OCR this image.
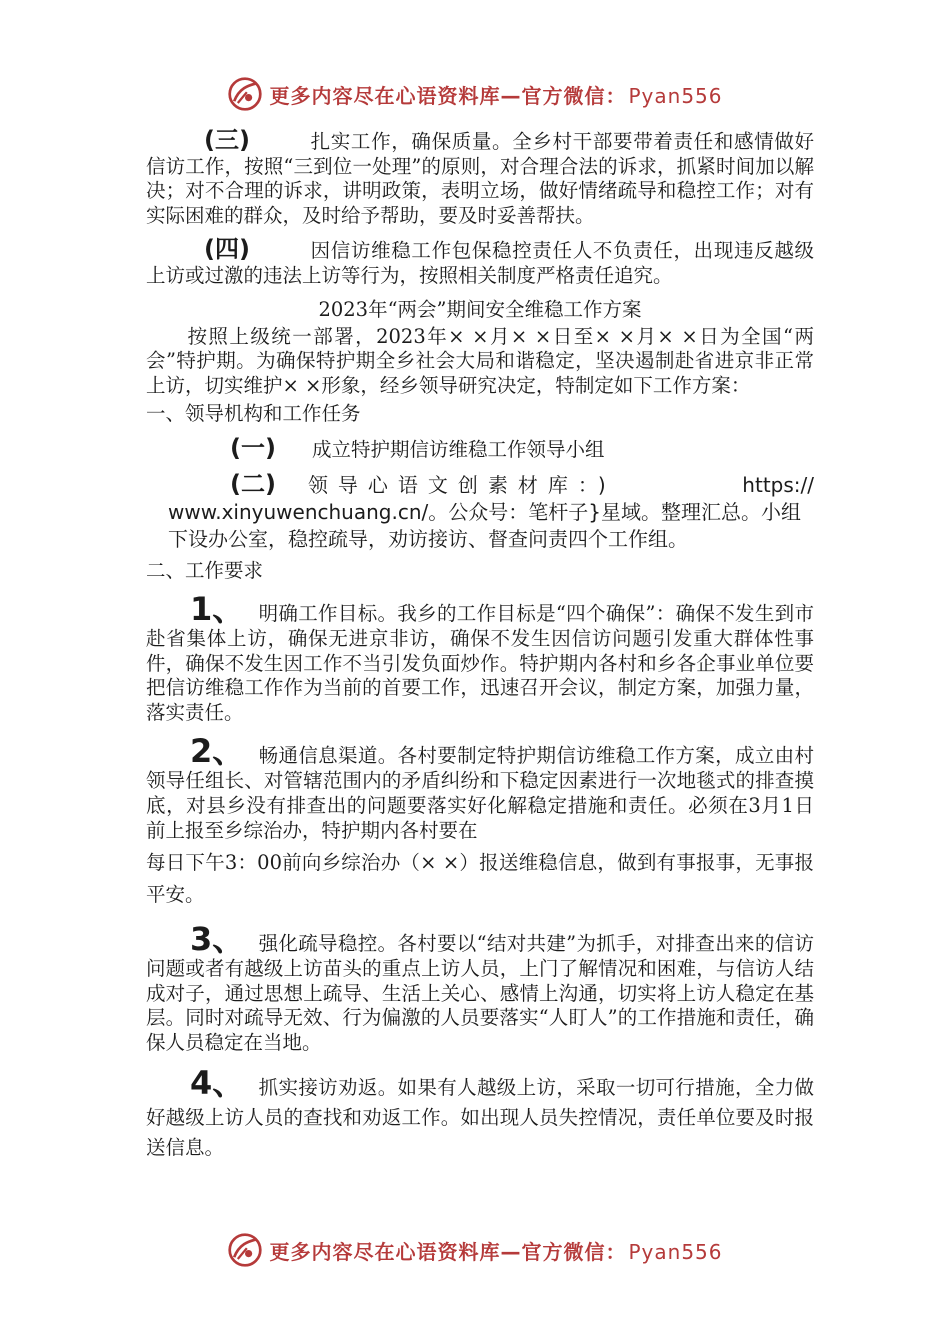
更多内容尽在心语资料库—官方微信： Pyan556

(三)	扎实工作，确保质量。全乡村干部要带着责任和感情做好信访工作，按照“三到位一处理”的原则，对合理合法的诉求，抓紧时间加以解决；对不合理的诉求，讲明政策，表明立场，做好情绪疏导和稳控工作；对有实际困难的群众，及时给予帮助，要及时妥善帮扶。

(四)	因信访维稳工作包保稳控责任人不负责任，出现违反越级上访或过激的违法上访等行为，按照相关制度严格责任追究。

2023年“两会”期间安全维稳工作方案

按照上级统一部署，2023年× ×月× ×日至× ×月× ×日为全国“两会”特护期。为确保特护期全乡社会大局和谐稳定，坚决遏制赴省进京非正常上访，切实维护× ×形象，经乡领导研究决定，特制定如下工作方案：

一、领导机构和工作任务

(一) 成立特护期信访维稳工作领导小组

(二) 领导心语文创素材库：)	https://
www.xinyuwenchuang.cn/。公众号：笔杆子}星域。整理汇总。小组下设办公室，稳控疏导，劝访接访、督查问责四个工作组。
二、工作要求

1、 明确工作目标。我乡的工作目标是“四个确保”：确保不发生到市赴省集体上访，确保无进京非访，确保不发生因信访问题引发重大群体性事件，确保不发生因工作不当引发负面炒作。特护期内各村和乡各企事业单位要把信访维稳工作作为当前的首要工作，迅速召开会议，制定方案，加强力量，落实责任。

2、 畅通信息渠道。各村要制定特护期信访维稳工作方案，成立由村领导任组长、对管辖范围内的矛盾纠纷和下稳定因素进行一次地毯式的排查摸底，对县乡没有排查出的问题要落实好化解稳定措施和责任。必须在3月1日前上报至乡综治办，特护期内各村要在

每日下午3：00前向乡综治办（× ×）报送维稳信息，做到有事报事，无事报平安。

3、 强化疏导稳控。各村要以“结对共建”为抓手，对排查出来的信访问题或者有越级上访苗头的重点上访人员，上门了解情况和困难，与信访人结成对子，通过思想上疏导、生活上关心、感情上沟通，切实将上访人稳定在基层。同时对疏导无效、行为偏激的人员要落实“人盯人”的工作措施和责任，确保人员稳定在当地。

4、 抓实接访劝返。如果有人越级上访，采取一切可行措施，全力做好越级上访人员的查找和劝返工作。如出现人员失控情况，责任单位要及时报送信息。

更多内容尽在心语资料库—官方微信： Pyan556
